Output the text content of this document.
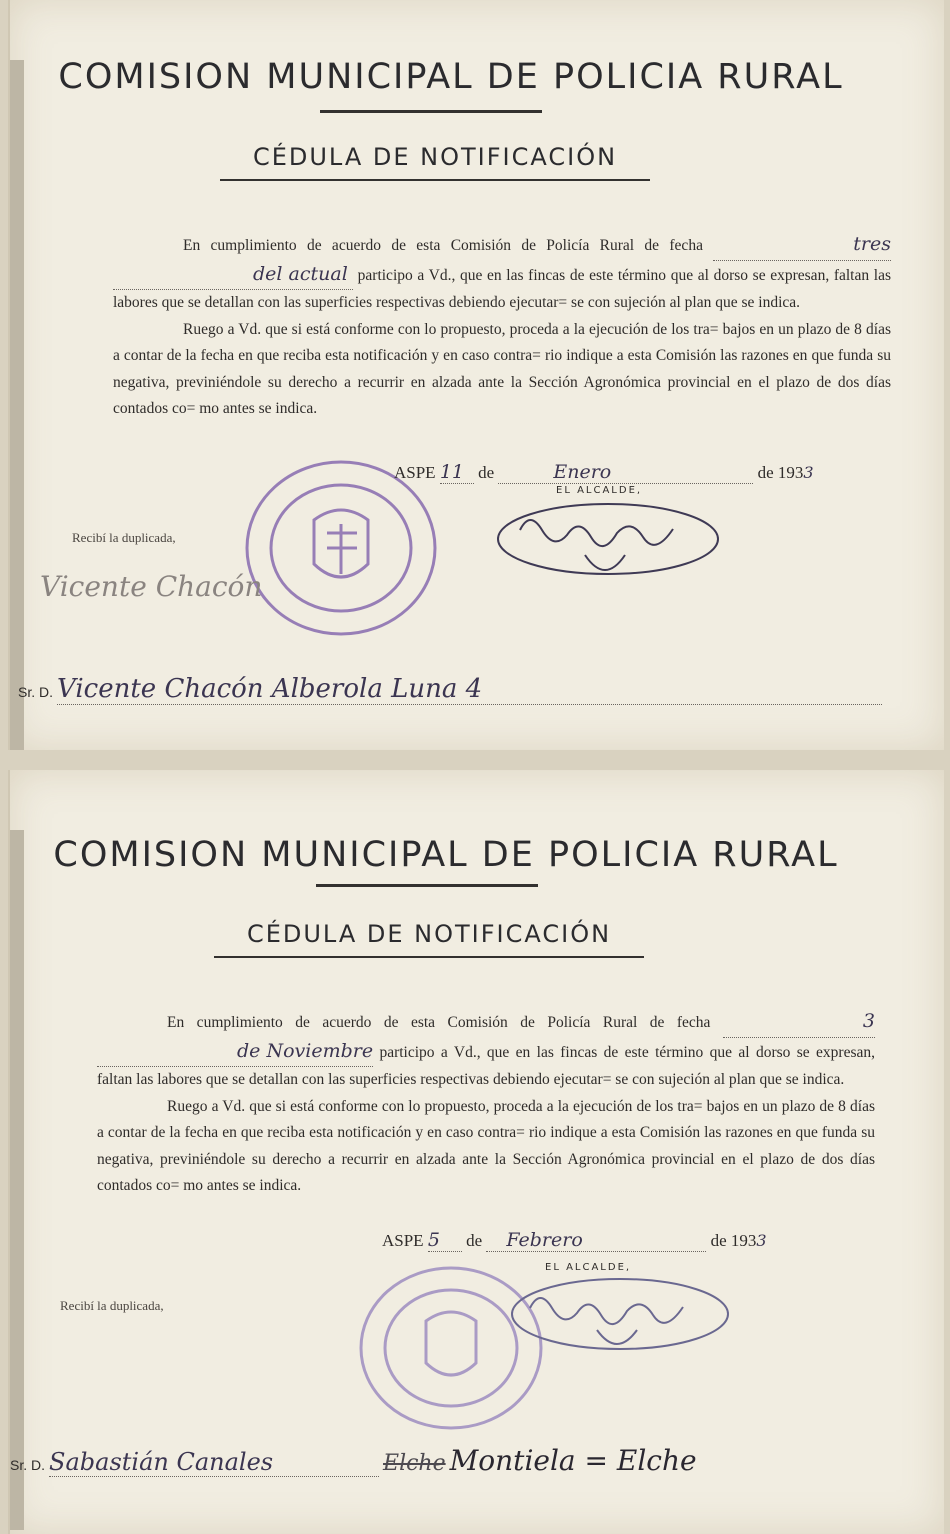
COMISION MUNICIPAL DE POLICIA RURAL
CÉDULA DE NOTIFICACIÓN

En cumplimiento de acuerdo de esta Comisión de Policía Rural de fecha	tres del actual participo a Vd., que en las fincas de este término que al dorso se expresan, faltan las labores que se detallan con las superficies respectivas debiendo ejecutar= se con sujeción al plan que se indica.

Ruego a Vd. que si está conforme con lo propuesto, proceda a la ejecución de los tra= bajos en un plazo de 8 días a contar de la fecha en que reciba esta notificación y en caso contra= rio indique a esta Comisión las razones en que funda su negativa, previniéndole su derecho a recurrir en alzada ante la Sección Agronómica provincial en el plazo de dos días contados co= mo antes se indica.

ASPE 11 de	Enero	de 1933
EL ALCALDE,
Recibí la duplicada,
Vicente Chacón
Sr. D. Vicente Chacón Alberola Luna 4
COMISION MUNICIPAL DE POLICIA RURAL
CÉDULA DE NOTIFICACIÓN

En cumplimiento de acuerdo de esta Comisión de Policía Rural de fecha	3 de Noviembre participo a Vd., que en las fincas de este término que al dorso se expresan, faltan las labores que se detallan con las superficies respectivas debiendo ejecutar= se con sujeción al plan que se indica.

Ruego a Vd. que si está conforme con lo propuesto, proceda a la ejecución de los tra= bajos en un plazo de 8 días a contar de la fecha en que reciba esta notificación y en caso contra= rio indique a esta Comisión las razones en que funda su negativa, previniéndole su derecho a recurrir en alzada ante la Sección Agronómica provincial en el plazo de dos días contados co= mo antes se indica.

ASPE 5 de Febrero	de 1933
EL ALCALDE,
Recibí la duplicada,
Sr. D. Sabastián Canales	Elche Montiela = Elche
